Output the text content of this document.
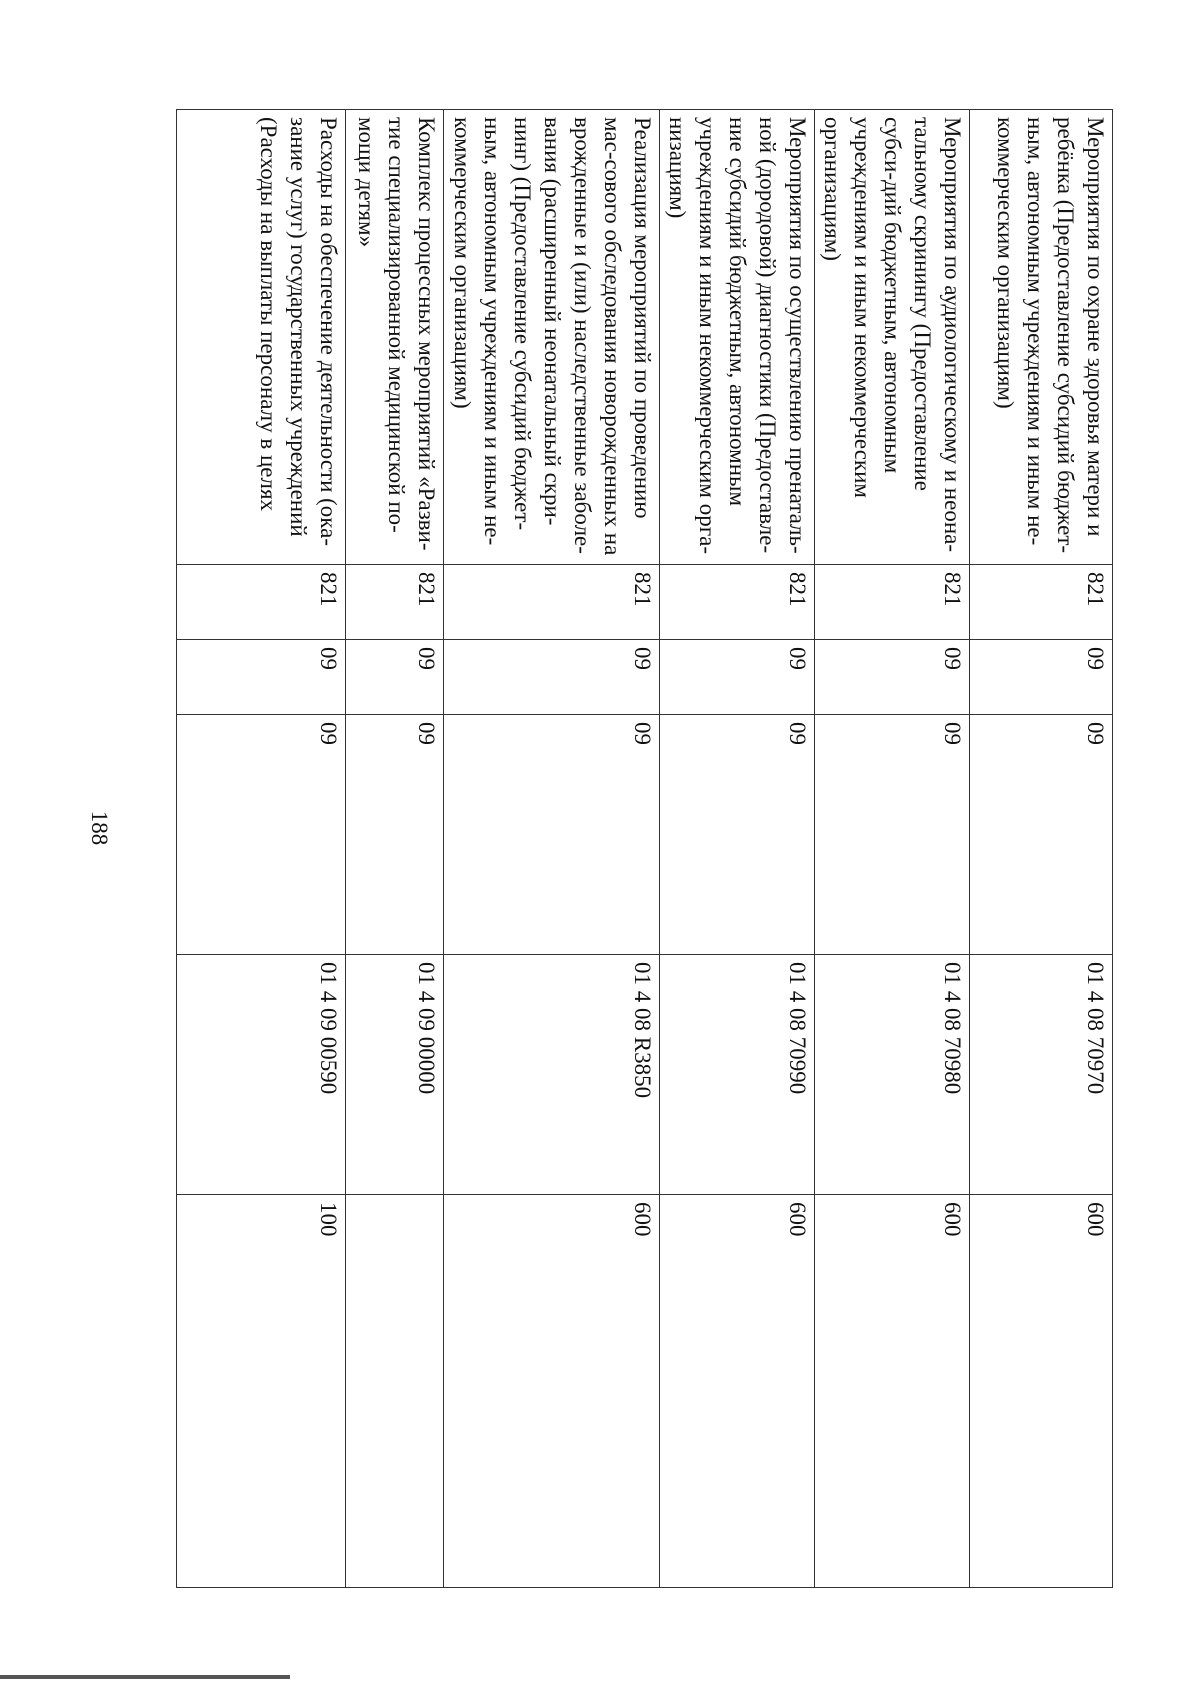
188
Мероприятия по охране здоровья матери и ребёнка (Предоставление субсидий бюджет-ным, автономным учреждениям и иным не-коммерческим организациям)	821	09	09	01 4 08 70970	600	
Мероприятия по аудиологическому и неона-тальному скринингу (Предоставление субси-дий бюджетным, автономным учреждениям и иным некоммерческим организациям)	821	09	09	01 4 08 70980	600	
Мероприятия по осуществлению пренаталь-ной (дородовой) диагностики (Предоставле-ние субсидий бюджетным, автономным учреждениям и иным некоммерческим орга-низациям)	821	09	09	01 4 08 70990	600	
Реализация мероприятий по проведению мас-сового обследования новорожденных на врожденные и (или) наследственные заболе-вания (расширенный неонатальный скри-нинг) (Предоставление субсидий бюджет-ным, автономным учреждениям и иным не-коммерческим организациям)	821	09	09	01 4 08 R3850	600	
Комплекс процессных мероприятий «Разви-тие специализированной медицинской по-мощи детям»	821	09	09	01 4 09 00000		
Расходы на обеспечение деятельности (ока-зание услуг) государственных учреждений (Расходы на выплаты персоналу в целях	821	09	09	01 4 09 00590	100	
